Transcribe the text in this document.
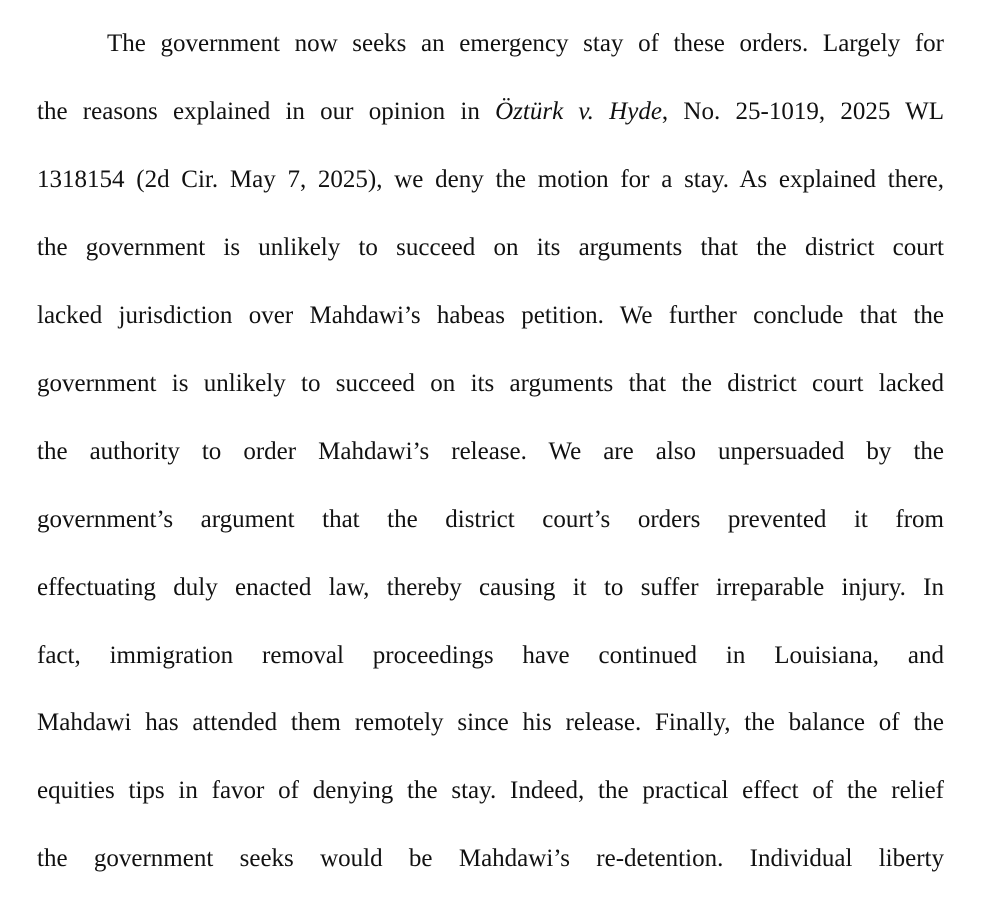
The government now seeks an emergency stay of these orders. Largely for
the reasons explained in our opinion in Öztürk v. Hyde, No. 25-1019, 2025 WL
1318154 (2d Cir. May 7, 2025), we deny the motion for a stay. As explained there,
the government is unlikely to succeed on its arguments that the district court
lacked jurisdiction over Mahdawi’s habeas petition. We further conclude that the
government is unlikely to succeed on its arguments that the district court lacked
the authority to order Mahdawi’s release. We are also unpersuaded by the
government’s argument that the district court’s orders prevented it from
effectuating duly enacted law, thereby causing it to suffer irreparable injury. In
fact, immigration removal proceedings have continued in Louisiana, and
Mahdawi has attended them remotely since his release. Finally, the balance of the
equities tips in favor of denying the stay. Indeed, the practical effect of the relief
the government seeks would be Mahdawi’s re-detention. Individual liberty
